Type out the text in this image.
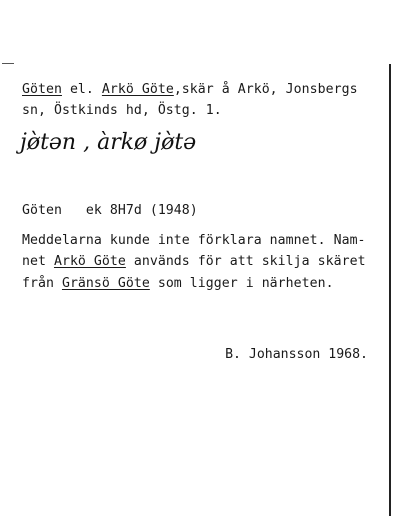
Göten el. Arkö Göte,skär å Arkö, Jonsbergs
sn, Östkinds hd, Östg. 1.
jø̀tən , àrkø jø̀tə
Göten   ek 8H7d (1948)
Meddelarna kunde inte förklara namnet. Nam-
net Arkö Göte används för att skilja skäret
från Gränsö Göte som ligger i närheten.
B. Johansson 1968.
